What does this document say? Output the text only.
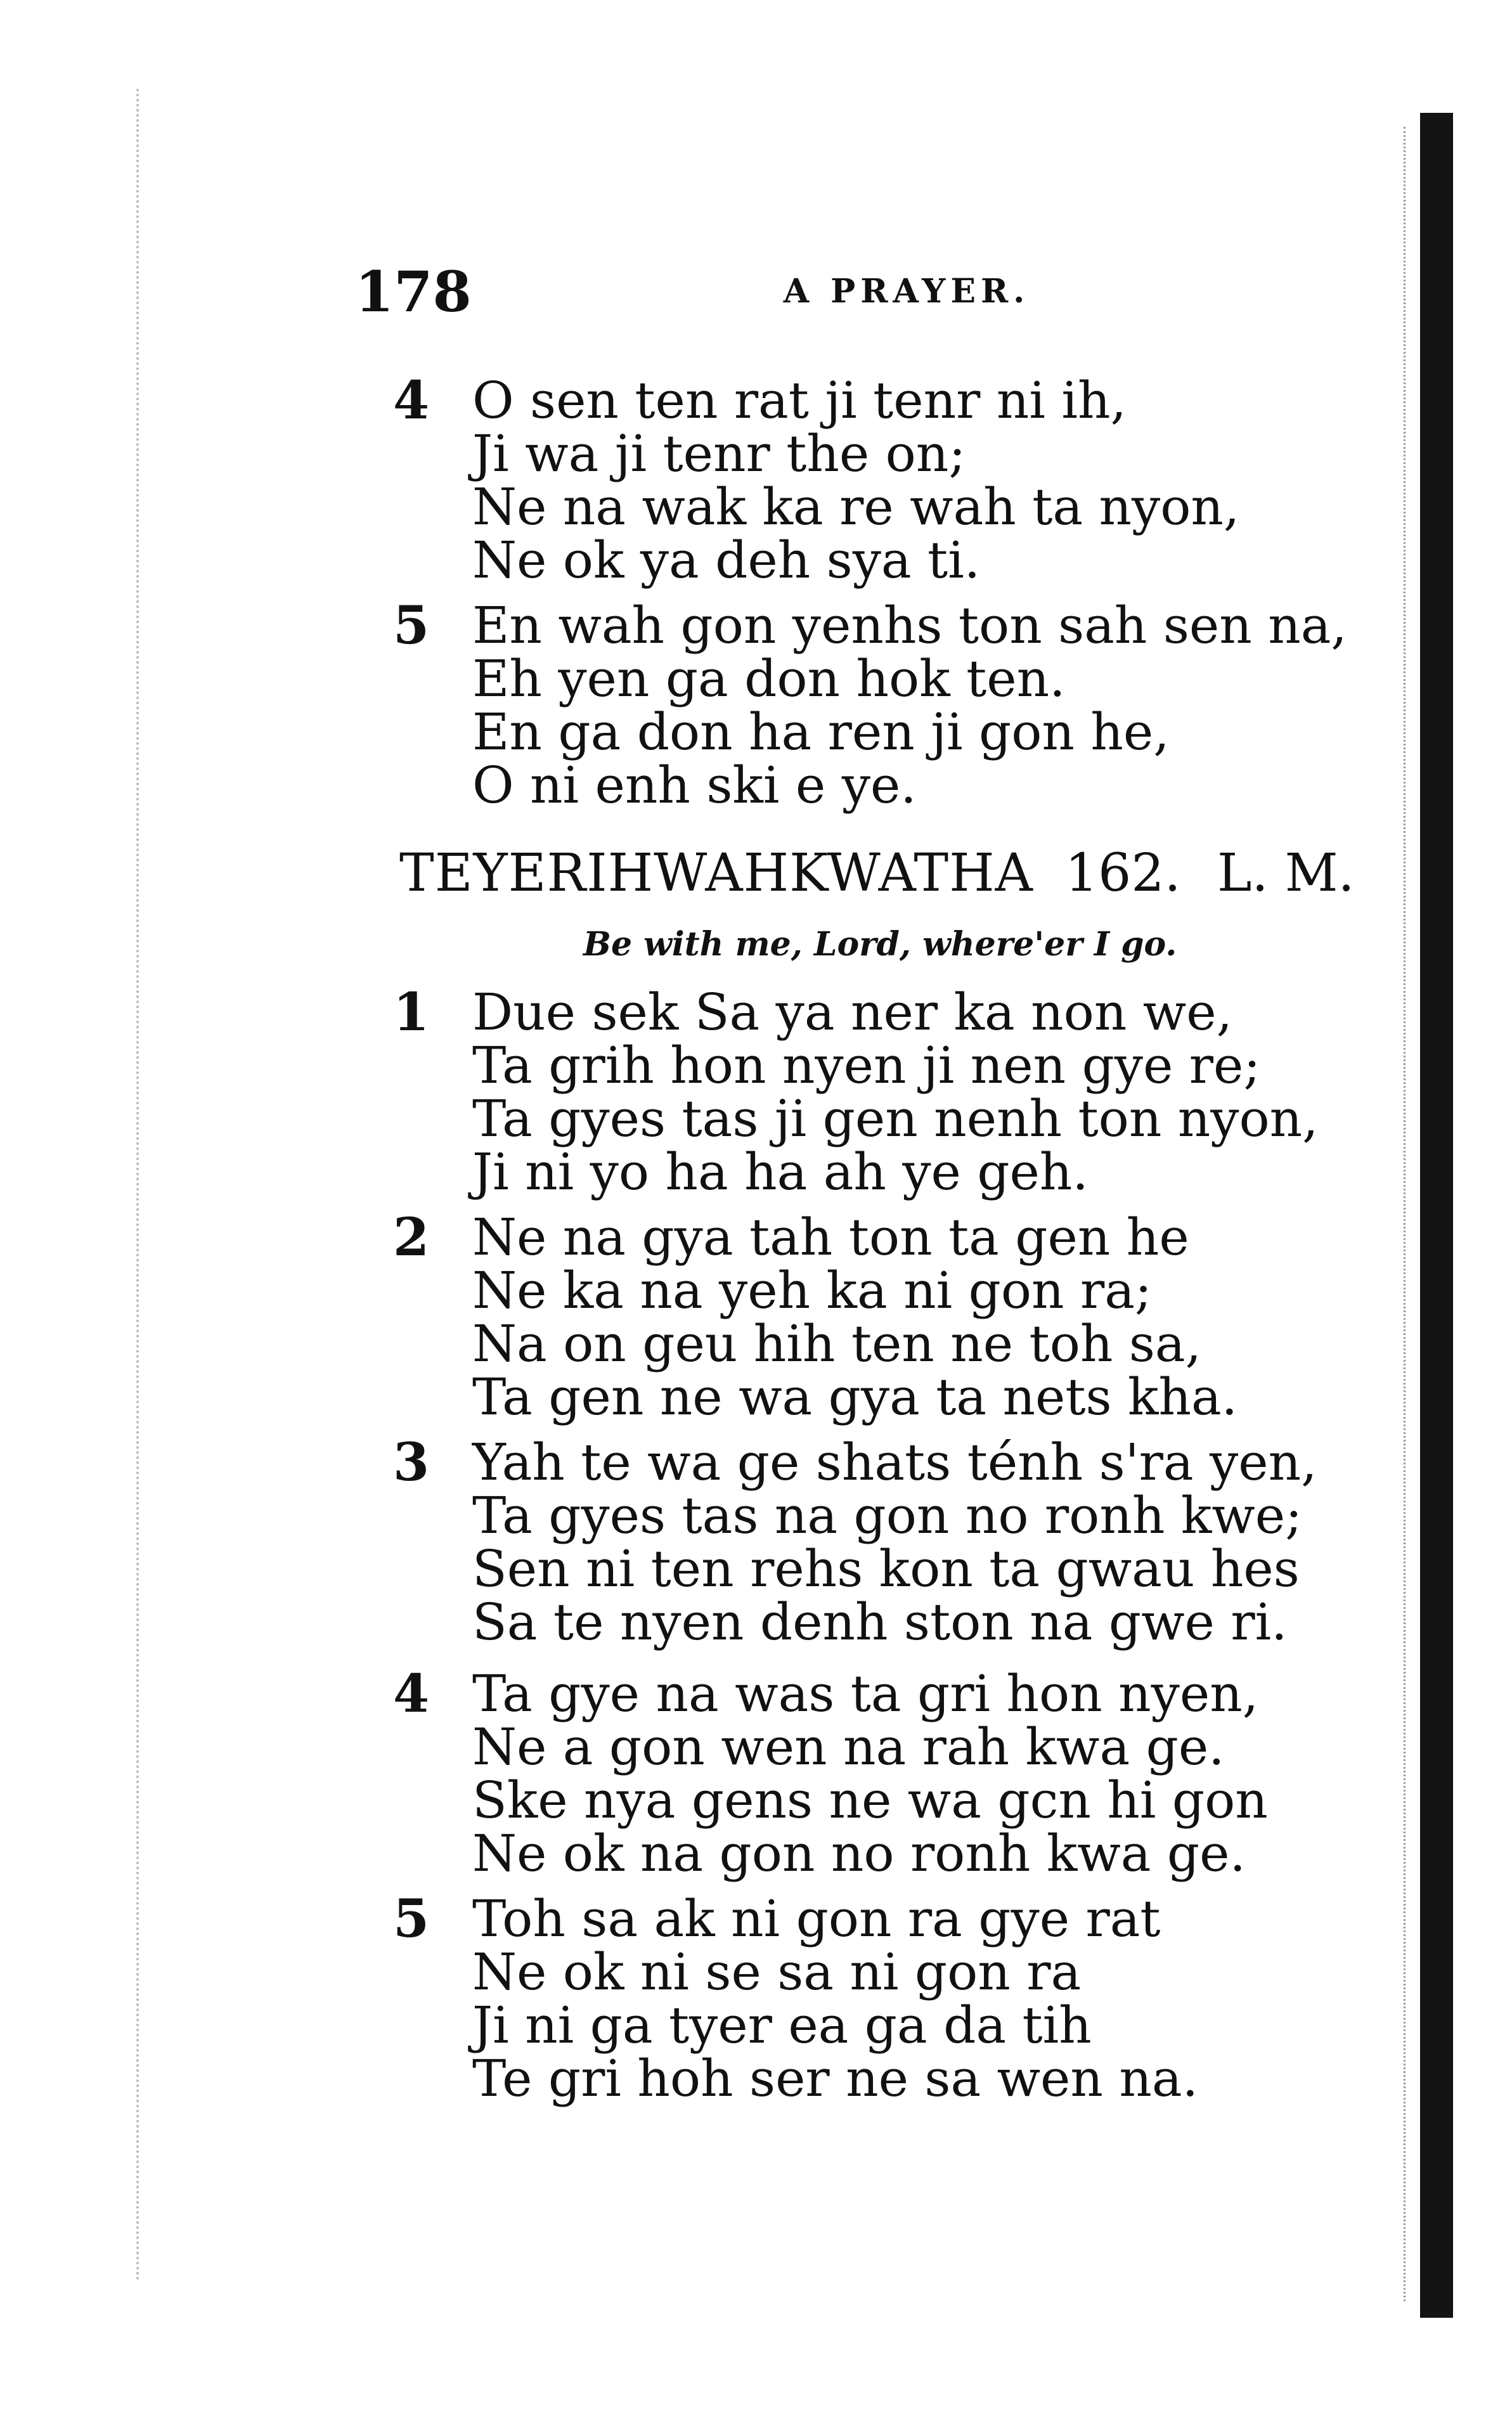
178	A PRAYER.
4 O sen ten rat ji tenr ni ih,
Ji wa ji tenr the on;
Ne na wak ka re wah ta nyon,
Ne ok ya deh sya ti.
5 En wah gon yenhs ton sah sen na,
Eh yen ga don hok ten.
En ga don ha ren ji gon he,
O ni enh ski e ye.
TEYERIHWAHKWATHA 162. L. M.
Be with me, Lord, where'er I go.
1 Due sek Sa ya ner ka non we,
Ta grih hon nyen ji nen gye re;
Ta gyes tas ji gen nenh ton nyon,
Ji ni yo ha ha ah ye geh.
2 Ne na gya tah ton ta gen he
Ne ka na yeh ka ni gon ra;
Na on geu hih ten ne toh sa,
Ta gen ne wa gya ta nets kha.
3 Yah te wa ge shats ténh s'ra yen,
Ta gyes tas na gon no ronh kwe;
Sen ni ten rehs kon ta gwau hes
Sa te nyen denh ston na gwe ri.
4 Ta gye na was ta gri hon nyen,
Ne a gon wen na rah kwa ge.
Ske nya gens ne wa gcn hi gon
Ne ok na gon no ronh kwa ge.
5 Toh sa ak ni gon ra gye rat
Ne ok ni se sa ni gon ra
Ji ni ga tyer ea ga da tih
Te gri hoh ser ne sa wen na.
